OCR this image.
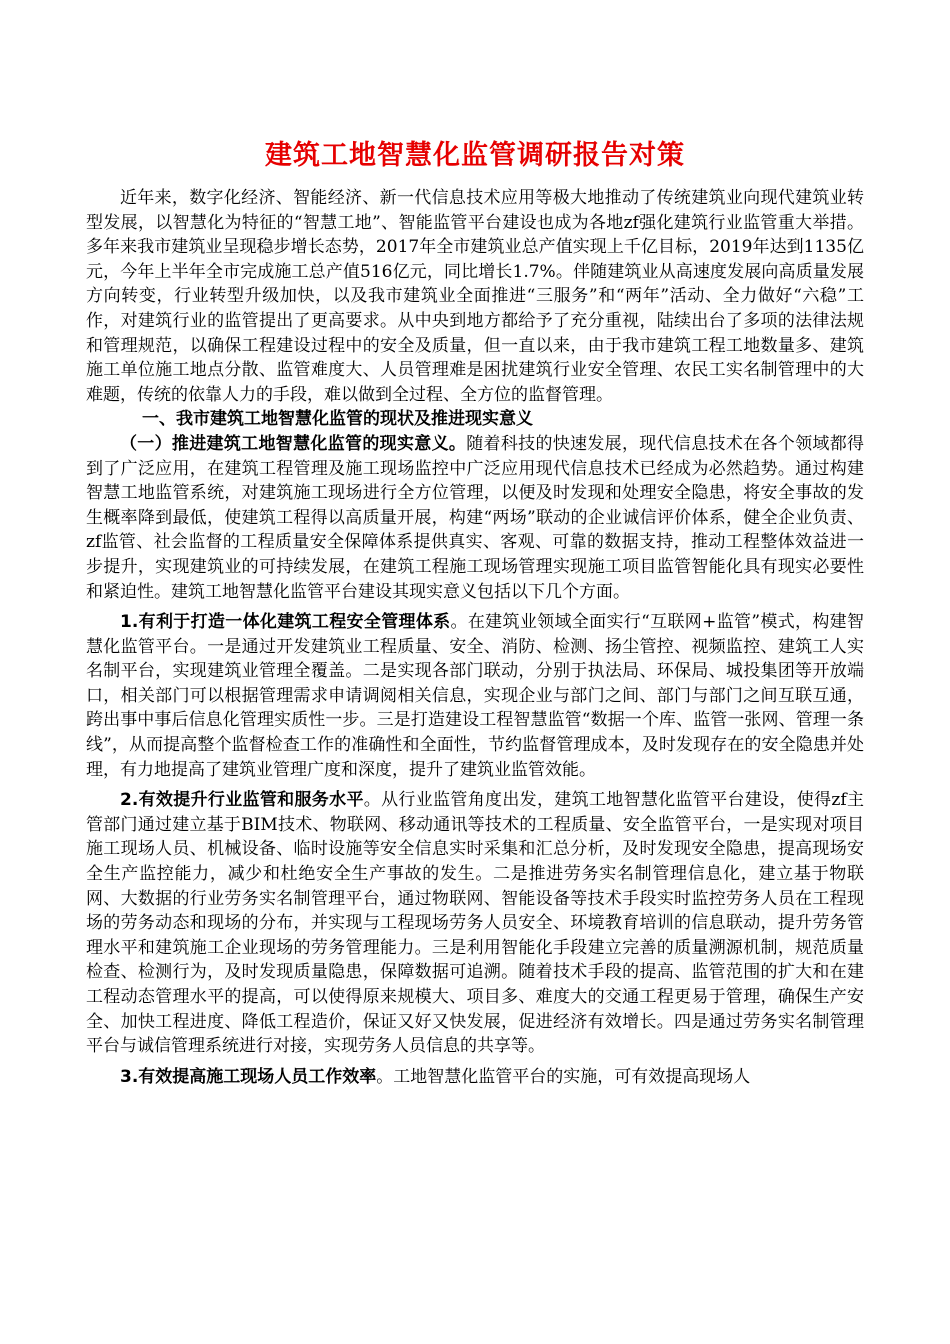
建筑工地智慧化监管调研报告对策

近年来，数字化经济、智能经济、新一代信息技术应用等极大地推动了传统建筑业向现代建筑业转型发展，以智慧化为特征的“智慧工地”、智能监管平台建设也成为各地zf强化建筑行业监管重大举措。多年来我市建筑业呈现稳步增长态势，2017年全市建筑业总产值实现上千亿目标，2019年达到1135亿元，今年上半年全市完成施工总产值516亿元，同比增长1.7%。伴随建筑业从高速度发展向高质量发展方向转变，行业转型升级加快，以及我市建筑业全面推进“三服务”和“两年”活动、全力做好“六稳”工作，对建筑行业的监管提出了更高要求。从中央到地方都给予了充分重视，陆续出台了多项的法律法规和管理规范，以确保工程建设过程中的安全及质量，但一直以来，由于我市建筑工程工地数量多、建筑施工单位施工地点分散、监管难度大、人员管理难是困扰建筑行业安全管理、农民工实名制管理中的大难题，传统的依靠人力的手段，难以做到全过程、全方位的监督管理。

一、我市建筑工地智慧化监管的现状及推进现实意义

（一）推进建筑工地智慧化监管的现实意义。随着科技的快速发展，现代信息技术在各个领域都得到了广泛应用，在建筑工程管理及施工现场监控中广泛应用现代信息技术已经成为必然趋势。通过构建智慧工地监管系统，对建筑施工现场进行全方位管理，以便及时发现和处理安全隐患，将安全事故的发生概率降到最低，使建筑工程得以高质量开展，构建“两场”联动的企业诚信评价体系，健全企业负责、zf监管、社会监督的工程质量安全保障体系提供真实、客观、可靠的数据支持，推动工程整体效益进一步提升，实现建筑业的可持续发展，在建筑工程施工现场管理实现施工项目监管智能化具有现实必要性和紧迫性。建筑工地智慧化监管平台建设其现实意义包括以下几个方面。

1.有利于打造一体化建筑工程安全管理体系。在建筑业领域全面实行“互联网+监管”模式，构建智慧化监管平台。一是通过开发建筑业工程质量、安全、消防、检测、扬尘管控、视频监控、建筑工人实名制平台，实现建筑业管理全覆盖。二是实现各部门联动，分别于执法局、环保局、城投集团等开放端口，相关部门可以根据管理需求申请调阅相关信息，实现企业与部门之间、部门与部门之间互联互通，跨出事中事后信息化管理实质性一步。三是打造建设工程智慧监管“数据一个库、监管一张网、管理一条线”，从而提高整个监督检查工作的准确性和全面性，节约监督管理成本，及时发现存在的安全隐患并处理，有力地提高了建筑业管理广度和深度，提升了建筑业监管效能。

2.有效提升行业监管和服务水平。从行业监管角度出发，建筑工地智慧化监管平台建设，使得zf主管部门通过建立基于BIM技术、物联网、移动通讯等技术的工程质量、安全监管平台，一是实现对项目施工现场人员、机械设备、临时设施等安全信息实时采集和汇总分析，及时发现安全隐患，提高现场安全生产监控能力，减少和杜绝安全生产事故的发生。二是推进劳务实名制管理信息化，建立基于物联网、大数据的行业劳务实名制管理平台，通过物联网、智能设备等技术手段实时监控劳务人员在工程现场的劳务动态和现场的分布，并实现与工程现场劳务人员安全、环境教育培训的信息联动，提升劳务管理水平和建筑施工企业现场的劳务管理能力。三是利用智能化手段建立完善的质量溯源机制，规范质量检查、检测行为，及时发现质量隐患，保障数据可追溯。随着技术手段的提高、监管范围的扩大和在建工程动态管理水平的提高，可以使得原来规模大、项目多、难度大的交通工程更易于管理，确保生产安全、加快工程进度、降低工程造价，保证又好又快发展，促进经济有效增长。四是通过劳务实名制管理平台与诚信管理系统进行对接，实现劳务人员信息的共享等。

3.有效提高施工现场人员工作效率。工地智慧化监管平台的实施，可有效提高现场人
